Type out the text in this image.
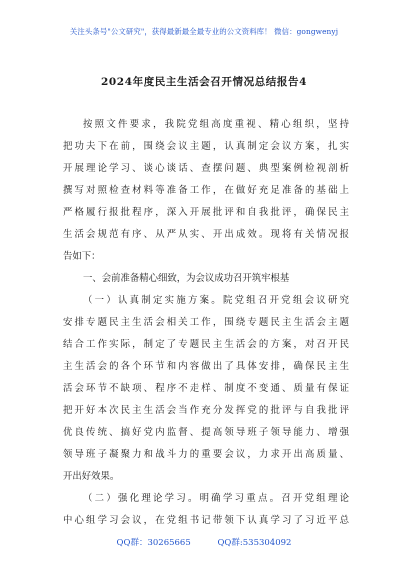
关注头条号"公文研究"，获得最新最全最专业的公文资料库！ 微信：gongwenyj
2024年度民主生活会召开情况总结报告4
按照文件要求，我院党组高度重视、精心组织，坚持
把功夫下在前，围绕会议主题，认真制定会议方案，扎实
开展理论学习、谈心谈话、查摆问题、典型案例检视剖析
撰写对照检查材料等准备工作，在做好充足准备的基础上
严格履行报批程序，深入开展批评和自我批评，确保民主
生活会规范有序、从严从实、开出成效。现将有关情况报
告如下：
一、会前准备精心细致，为会议成功召开筑牢根基
（一）认真制定实施方案。院党组召开党组会议研究
安排专题民主生活会相关工作，围绕专题民主生活会主题
结合工作实际，制定了专题民主生活会的方案，对召开民
主生活会的各个环节和内容做出了具体安排，确保民主生
活会环节不缺项、程序不走样、制度不变通、质量有保证
把开好本次民主生活会当作充分发挥党的批评与自我批评
优良传统、搞好党内监督、提高领导班子领导能力、增强
领导班子凝聚力和战斗力的重要会议，力求开出高质量、
开出好效果。
（二）强化理论学习。明确学习重点。召开党组理论
中心组学习会议，在党组书记带领下认真学习了习近平总
QQ群：30265665	QQ群:535304092
